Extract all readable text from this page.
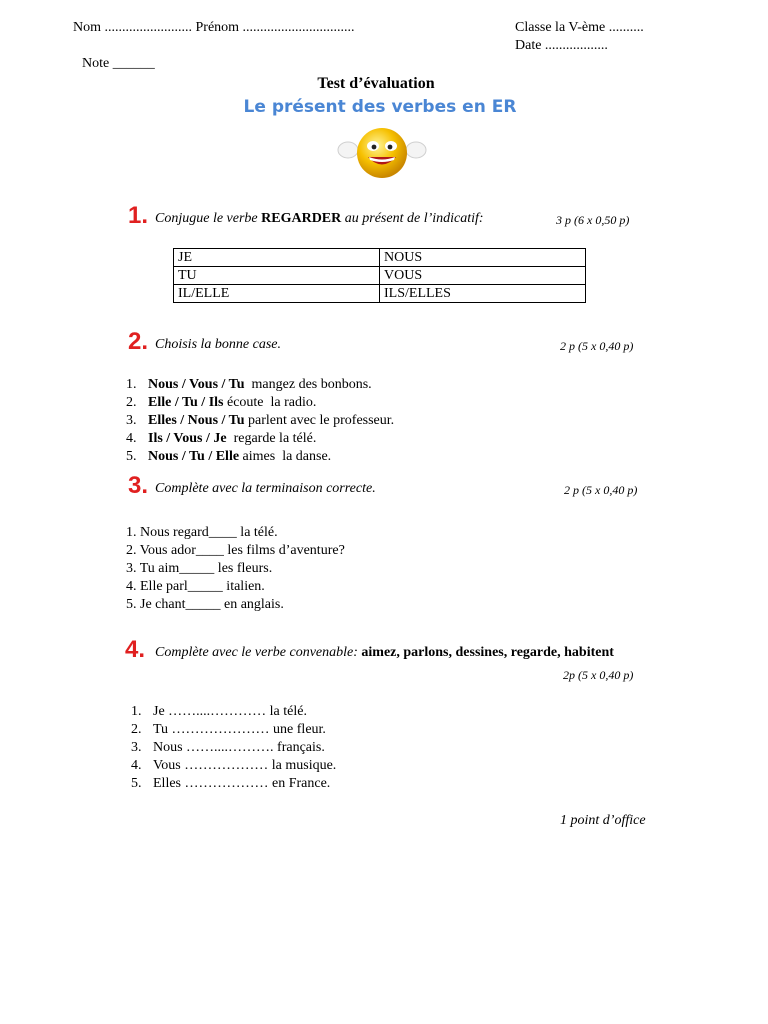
Nom ......................... Prénom ................................	Classe la V-ème ..........
Date ..................
Note ______
Test d’évaluation
Le présent des verbes en ER
1. Conjugue le verbe REGARDER au présent de l’indicatif:	3 p (6 x 0,50 p)
JE	NOUS
TU	VOUS
IL/ELLE	ILS/ELLES
2. Choisis la bonne case.	2 p (5 x 0,40 p)
1. Nous / Vous / Tu  mangez des bonbons.
2. Elle / Tu / Ils écoute  la radio.
3. Elles / Nous / Tu parlent avec le professeur.
4. Ils / Vous / Je  regarde la télé.
5. Nous / Tu / Elle aimes  la danse.
3. Complète avec la terminaison correcte.	2 p (5 x 0,40 p)
1. Nous regard____ la télé.
2. Vous ador____ les films d’aventure?
3. Tu aim_____ les fleurs.
4. Elle parl_____ italien.
5. Je chant_____ en anglais.
4. Complète avec le verbe convenable: aimez, parlons, dessines, regarde, habitent
2p (5 x 0,40 p)
1. Je ……....………… la télé.
2. Tu ………………… une fleur.
3. Nous ……....………. français.
4. Vous ……………… la musique.
5. Elles ……………… en France.
1 point d’office
